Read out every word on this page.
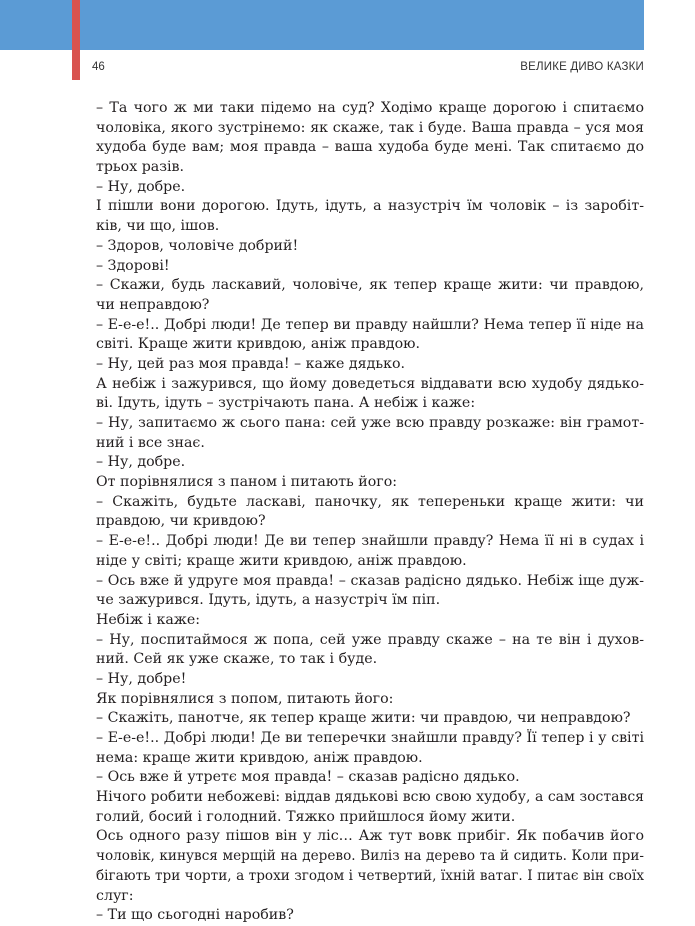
46	ВЕЛИКЕ ДИВО КАЗКИ
– Та чого ж ми таки підемо на суд? Ходімо краще дорогою і спитаємо
чоловіка, якого зустрінемо: як скаже, так і буде. Ваша правда – уся моя
худоба буде вам; моя правда – ваша худоба буде мені. Так спитаємо до
трьох разів.
– Ну, добре.
І пішли вони дорогою. Ідуть, ідуть, а назустріч їм чоловік – із заробіт-
ків, чи що, ішов.
– Здоров, чоловіче добрий!
– Здорові!
– Скажи, будь ласкавий, чоловіче, як тепер краще жити: чи правдою,
чи неправдою?
– Е-е-е!.. Добрі люди! Де тепер ви правду найшли? Нема тепер її ніде на
світі. Краще жити кривдою, аніж правдою.
– Ну, цей раз моя правда! – каже дядько.
А небіж і зажурився, що йому доведеться віддавати всю худобу дядько-
ві. Ідуть, ідуть – зустрічають пана. А небіж і каже:
– Ну, запитаємо ж сього пана: сей уже всю правду розкаже: він грамот-
ний і все знає.
– Ну, добре.
От порівнялися з паном і питають його:
– Скажіть, будьте ласкаві, паночку, як тепереньки краще жити: чи
правдою, чи кривдою?
– Е-е-е!.. Добрі люди! Де ви тепер знайшли правду? Нема її ні в судах і
ніде у світі; краще жити кривдою, аніж правдою.
– Ось вже й удруге моя правда! – сказав радісно дядько. Небіж іще дуж-
че зажурився. Ідуть, ідуть, а назустріч їм піп.
Небіж і каже:
– Ну, поспитаймося ж попа, сей уже правду скаже – на те він і духов-
ний. Сей як уже скаже, то так і буде.
– Ну, добре!
Як порівнялися з попом, питають його:
– Скажіть, панотче, як тепер краще жити: чи правдою, чи неправдою?
– Е-е-е!.. Добрі люди! Де ви теперечки знайшли правду? Її тепер і у світі
нема: краще жити кривдою, аніж правдою.
– Ось вже й утретє моя правда! – сказав радісно дядько.
Нічого робити небожеві: віддав дядькові всю свою худобу, а сам зостався
голий, босий і голодний. Тяжко прийшлося йому жити.
Ось одного разу пішов він у ліс… Аж тут вовк прибіг. Як побачив його
чоловік, кинувся мерщій на дерево. Виліз на дерево та й сидить. Коли при-
бігають три чорти, а трохи згодом і четвертий, їхній ватаг. І питає він своїх
слуг:
– Ти що сьогодні наробив?
